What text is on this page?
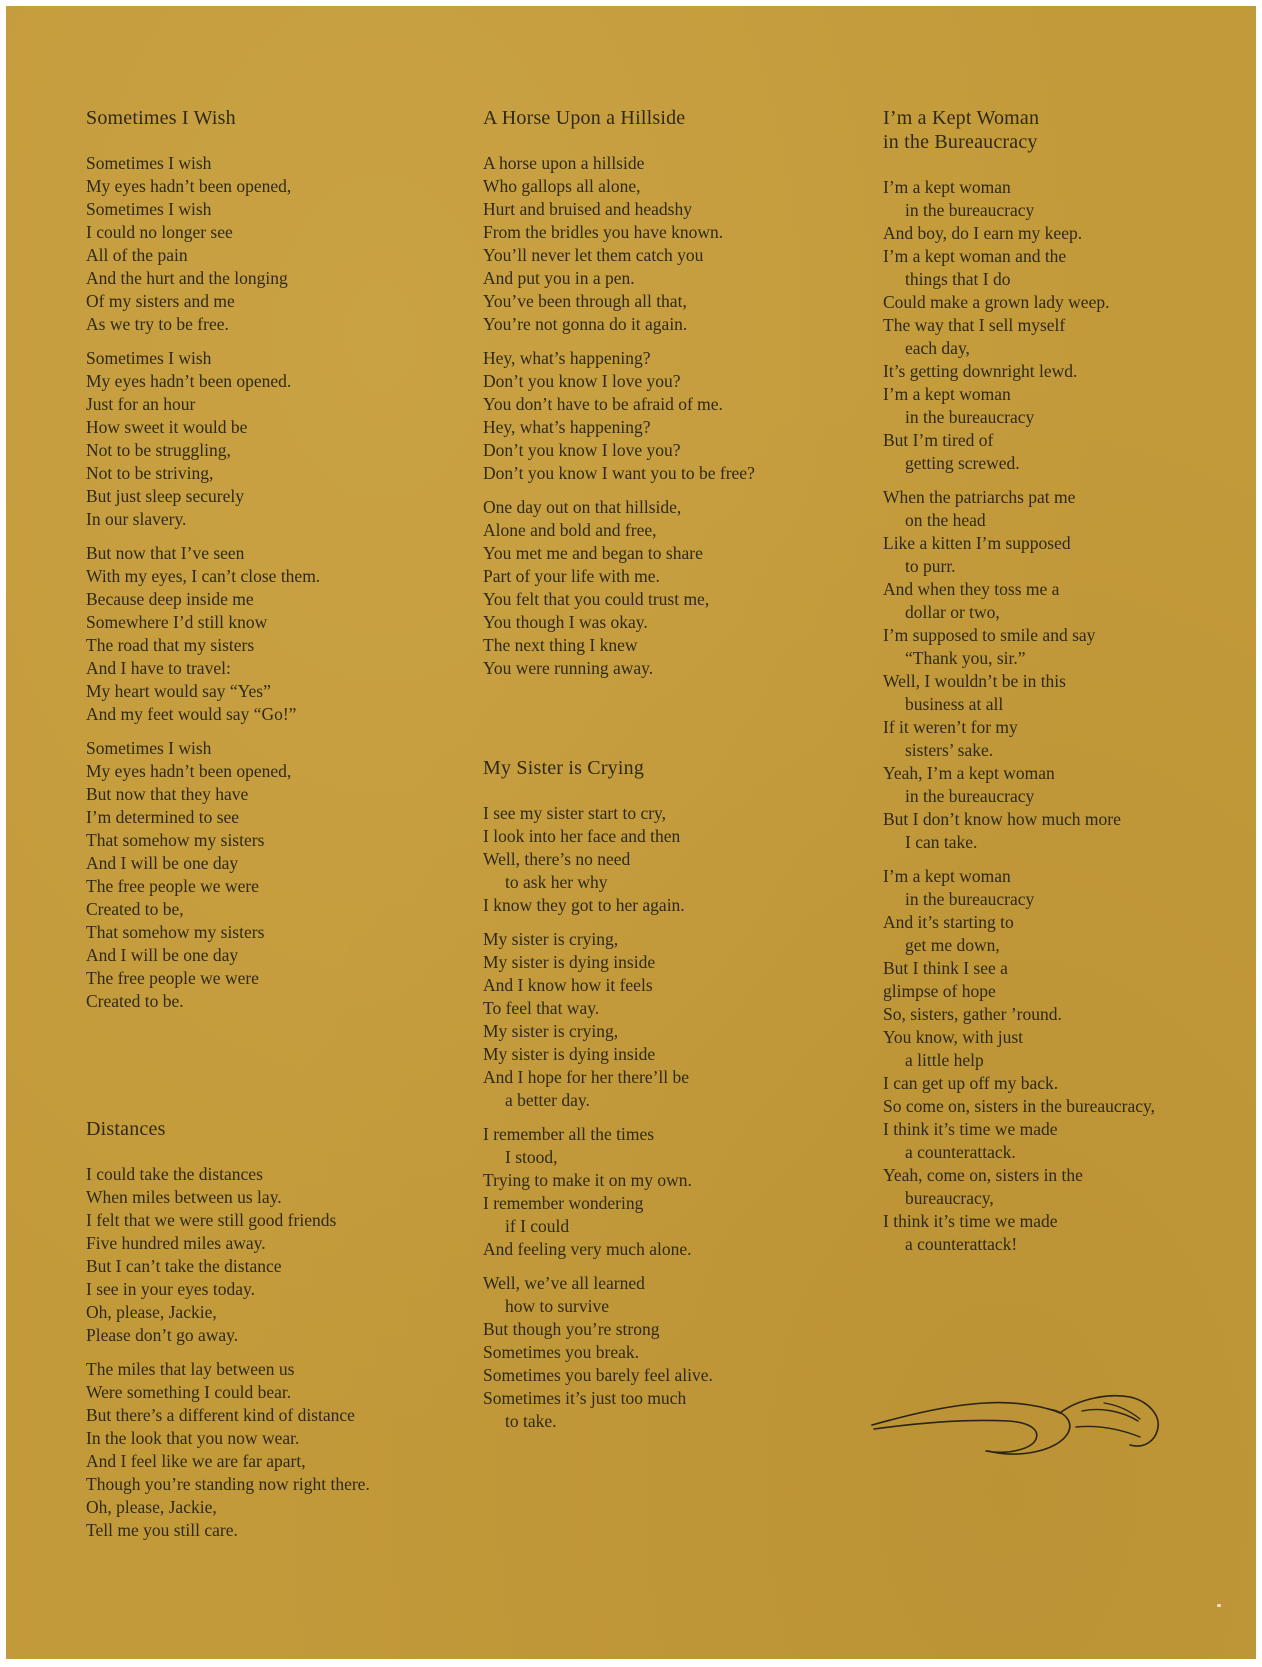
Sometimes I Wish
Sometimes I wish
My eyes hadn’t been opened,
Sometimes I wish
I could no longer see
All of the pain
And the hurt and the longing
Of my sisters and me
As we try to be free.
Sometimes I wish
My eyes hadn’t been opened.
Just for an hour
How sweet it would be
Not to be struggling,
Not to be striving,
But just sleep securely
In our slavery.
But now that I’ve seen
With my eyes, I can’t close them.
Because deep inside me
Somewhere I’d still know
The road that my sisters
And I have to travel:
My heart would say “Yes”
And my feet would say “Go!”
Sometimes I wish
My eyes hadn’t been opened,
But now that they have
I’m determined to see
That somehow my sisters
And I will be one day
The free people we were
Created to be,
That somehow my sisters
And I will be one day
The free people we were
Created to be.
Distances
I could take the distances
When miles between us lay.
I felt that we were still good friends
Five hundred miles away.
But I can’t take the distance
I see in your eyes today.
Oh, please, Jackie,
Please don’t go away.
The miles that lay between us
Were something I could bear.
But there’s a different kind of distance
In the look that you now wear.
And I feel like we are far apart,
Though you’re standing now right there.
Oh, please, Jackie,
Tell me you still care.
A Horse Upon a Hillside
A horse upon a hillside
Who gallops all alone,
Hurt and bruised and headshy
From the bridles you have known.
You’ll never let them catch you
And put you in a pen.
You’ve been through all that,
You’re not gonna do it again.
Hey, what’s happening?
Don’t you know I love you?
You don’t have to be afraid of me.
Hey, what’s happening?
Don’t you know I love you?
Don’t you know I want you to be free?
One day out on that hillside,
Alone and bold and free,
You met me and began to share
Part of your life with me.
You felt that you could trust me,
You though I was okay.
The next thing I knew
You were running away.
My Sister is Crying
I see my sister start to cry,
I look into her face and then
Well, there’s no need
to ask her why
I know they got to her again.
My sister is crying,
My sister is dying inside
And I know how it feels
To feel that way.
My sister is crying,
My sister is dying inside
And I hope for her there’ll be
a better day.
I remember all the times
I stood,
Trying to make it on my own.
I remember wondering
if I could
And feeling very much alone.
Well, we’ve all learned
how to survive
But though you’re strong
Sometimes you break.
Sometimes you barely feel alive.
Sometimes it’s just too much
to take.
I’m a Kept Woman
in the Bureaucracy
I’m a kept woman
in the bureaucracy
And boy, do I earn my keep.
I’m a kept woman and the
things that I do
Could make a grown lady weep.
The way that I sell myself
each day,
It’s getting downright lewd.
I’m a kept woman
in the bureaucracy
But I’m tired of
getting screwed.
When the patriarchs pat me
on the head
Like a kitten I’m supposed
to purr.
And when they toss me a
dollar or two,
I’m supposed to smile and say
“Thank you, sir.”
Well, I wouldn’t be in this
business at all
If it weren’t for my
sisters’ sake.
Yeah, I’m a kept woman
in the bureaucracy
But I don’t know how much more
I can take.
I’m a kept woman
in the bureaucracy
And it’s starting to
get me down,
But I think I see a
glimpse of hope
So, sisters, gather ’round.
You know, with just
a little help
I can get up off my back.
So come on, sisters in the bureaucracy,
I think it’s time we made
a counterattack.
Yeah, come on, sisters in the
bureaucracy,
I think it’s time we made
a counterattack!
